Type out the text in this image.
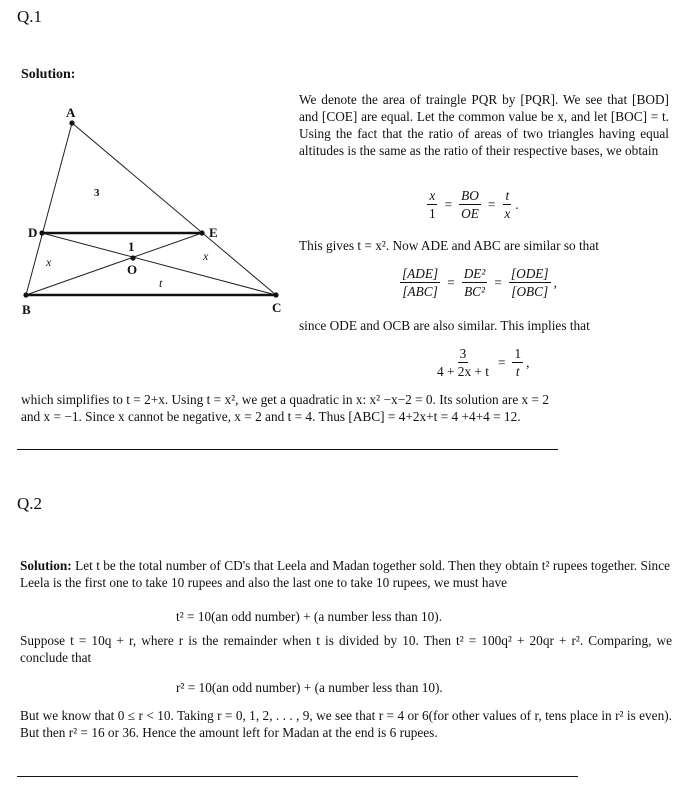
Q.1
Solution:
A
D	E
O
B	C
3
1
x	x
t
We denote the area of traingle PQR by [PQR]. We see that [BOD] and [COE] are equal. Let the common value be x, and let [BOC] = t. Using the fact that the ratio of areas of two triangles having equal altitudes is the same as the ratio of their respective bases, we obtain
$\frac{x}{1} = \frac{BO}{OE} = \frac{t}{x}$ .
This gives t = x². Now ADE and ABC are similar so that
$\frac{\text{[ADE]}}{\text{[ABC]}} = \frac{\text{DE²}}{\text{BC²}} = \frac{\text{[ODE]}}{\text{[OBC]}}$ ,
since ODE and OCB are also similar. This implies that
$\frac{3}{4 + 2x + t} = \frac{1}{t}$ ,
which simplifies to t = 2+x. Using t = x², we get a quadratic in x: x² −x−2 = 0. Its solution are x = 2
and x = −1. Since x cannot be negative, x = 2 and t = 4. Thus [ABC] = 4+2x+t = 4 +4+4 = 12.
Q.2
Solution: Let t be the total number of CD's that Leela and Madan together sold. Then they obtain t² rupees together. Since Leela is the first one to take 10 rupees and also the last one to take 10 rupees, we must have
t² = 10(an odd number) + (a number less than 10).
Suppose t = 10q + r, where r is the remainder when t is divided by 10. Then t² = 100q² + 20qr + r². Comparing, we conclude that
r² = 10(an odd number) + (a number less than 10).
But we know that 0 ≤ r < 10. Taking r = 0, 1, 2, . . . , 9, we see that r = 4 or 6(for other values of r, tens place in r² is even). But then r² = 16 or 36. Hence the amount left for Madan at the end is 6 rupees.
